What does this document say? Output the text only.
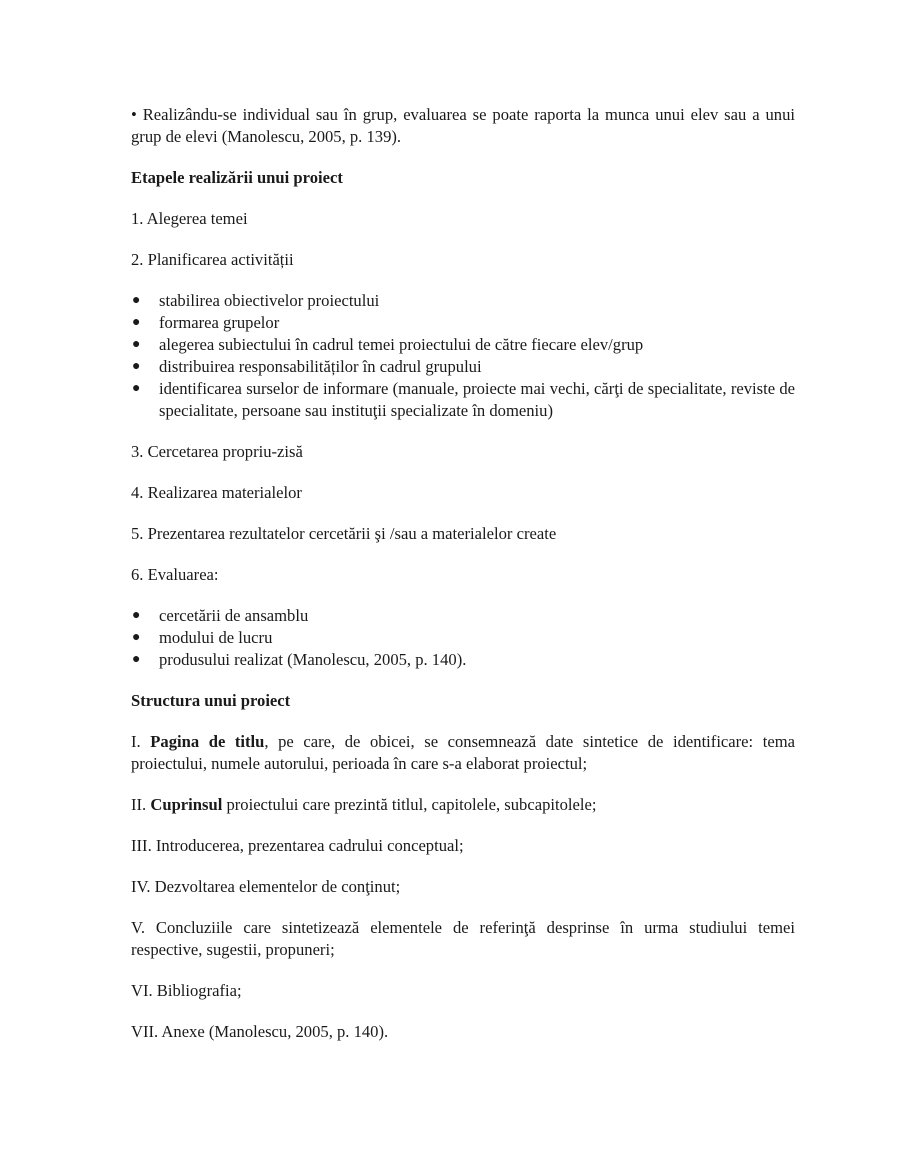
• Realizându-se individual sau în grup, evaluarea se poate raporta la munca unui elev sau a unui grup de elevi (Manolescu, 2005, p. 139).

Etapele realizării unui proiect

1. Alegerea temei

2. Planificarea activității

● stabilirea obiectivelor proiectului
● formarea grupelor
● alegerea subiectului în cadrul temei proiectului de către fiecare elev/grup
● distribuirea responsabilităților în cadrul grupului
● identificarea surselor de informare (manuale, proiecte mai vechi, cărţi de specialitate, reviste de specialitate, persoane sau instituţii specializate în domeniu)

3. Cercetarea propriu-zisă

4. Realizarea materialelor

5. Prezentarea rezultatelor cercetării şi /sau a materialelor create

6. Evaluarea:

● cercetării de ansamblu
● modului de lucru
● produsului realizat (Manolescu, 2005, p. 140).

Structura unui proiect

I. Pagina de titlu, pe care, de obicei, se consemnează date sintetice de identificare: tema proiectului, numele autorului, perioada în care s-a elaborat proiectul;

II. Cuprinsul proiectului care prezintă titlul, capitolele, subcapitolele;

III. Introducerea, prezentarea cadrului conceptual;

IV. Dezvoltarea elementelor de conţinut;

V. Concluziile care sintetizează elementele de referinţă desprinse în urma studiului temei respective, sugestii, propuneri;

VI. Bibliografia;

VII. Anexe (Manolescu, 2005, p. 140).
